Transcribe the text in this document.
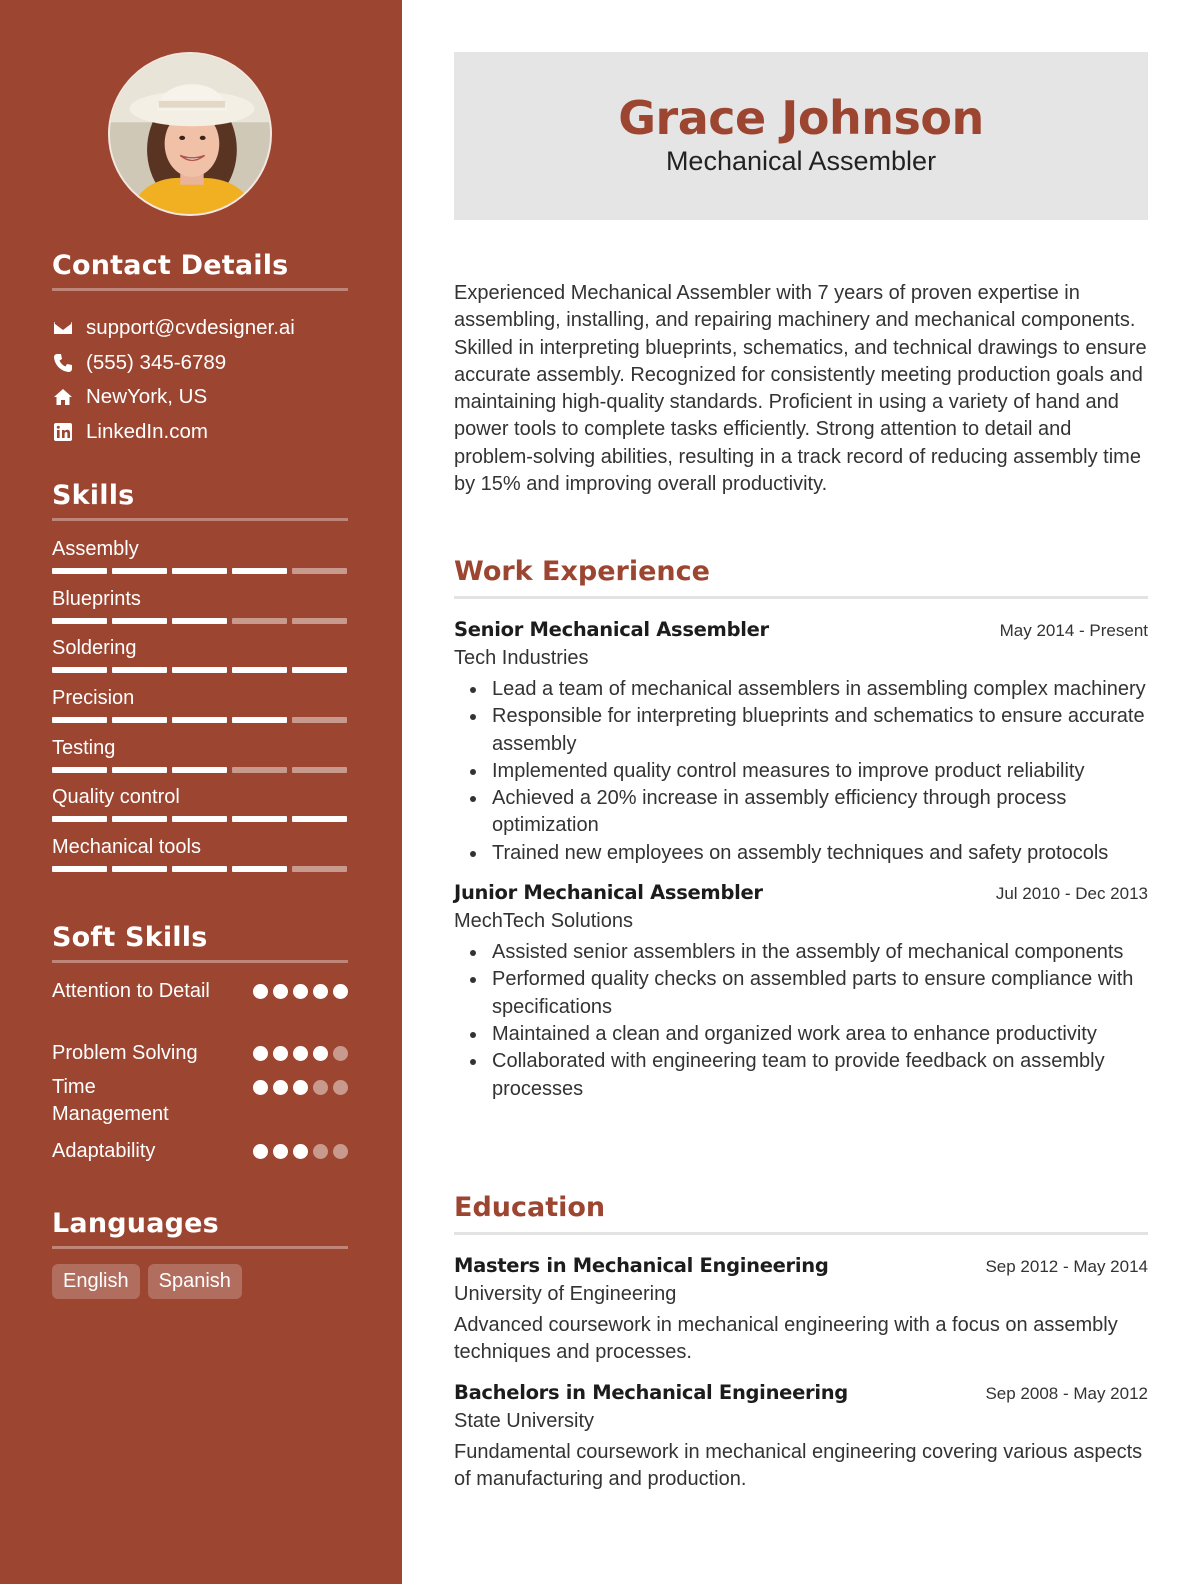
Contact Details
support@cvdesigner.ai
(555) 345-6789
NewYork, US
LinkedIn.com
Skills
Assembly
Blueprints
Soldering
Precision
Testing
Quality control
Mechanical tools
Soft Skills
Attention to Detail
Problem Solving
Time Management
Adaptability
Languages
English	Spanish
Grace Johnson
Mechanical Assembler

Experienced Mechanical Assembler with 7 years of proven expertise in assembling, installing, and repairing machinery and mechanical components. Skilled in interpreting blueprints, schematics, and technical drawings to ensure accurate assembly. Recognized for consistently meeting production goals and maintaining high-quality standards. Proficient in using a variety of hand and power tools to complete tasks efficiently. Strong attention to detail and problem-solving abilities, resulting in a track record of reducing assembly time by 15% and improving overall productivity.

Work Experience
Senior Mechanical Assembler	May 2014 - Present
Tech Industries
Lead a team of mechanical assemblers in assembling complex machinery
Responsible for interpreting blueprints and schematics to ensure accurate assembly
Implemented quality control measures to improve product reliability
Achieved a 20% increase in assembly efficiency through process optimization
Trained new employees on assembly techniques and safety protocols
Junior Mechanical Assembler	Jul 2010 - Dec 2013
MechTech Solutions
Assisted senior assemblers in the assembly of mechanical components
Performed quality checks on assembled parts to ensure compliance with specifications
Maintained a clean and organized work area to enhance productivity
Collaborated with engineering team to provide feedback on assembly processes
Education
Masters in Mechanical Engineering	Sep 2012 - May 2014
University of Engineering

Advanced coursework in mechanical engineering with a focus on assembly techniques and processes.

Bachelors in Mechanical Engineering	Sep 2008 - May 2012
State University

Fundamental coursework in mechanical engineering covering various aspects of manufacturing and production.
